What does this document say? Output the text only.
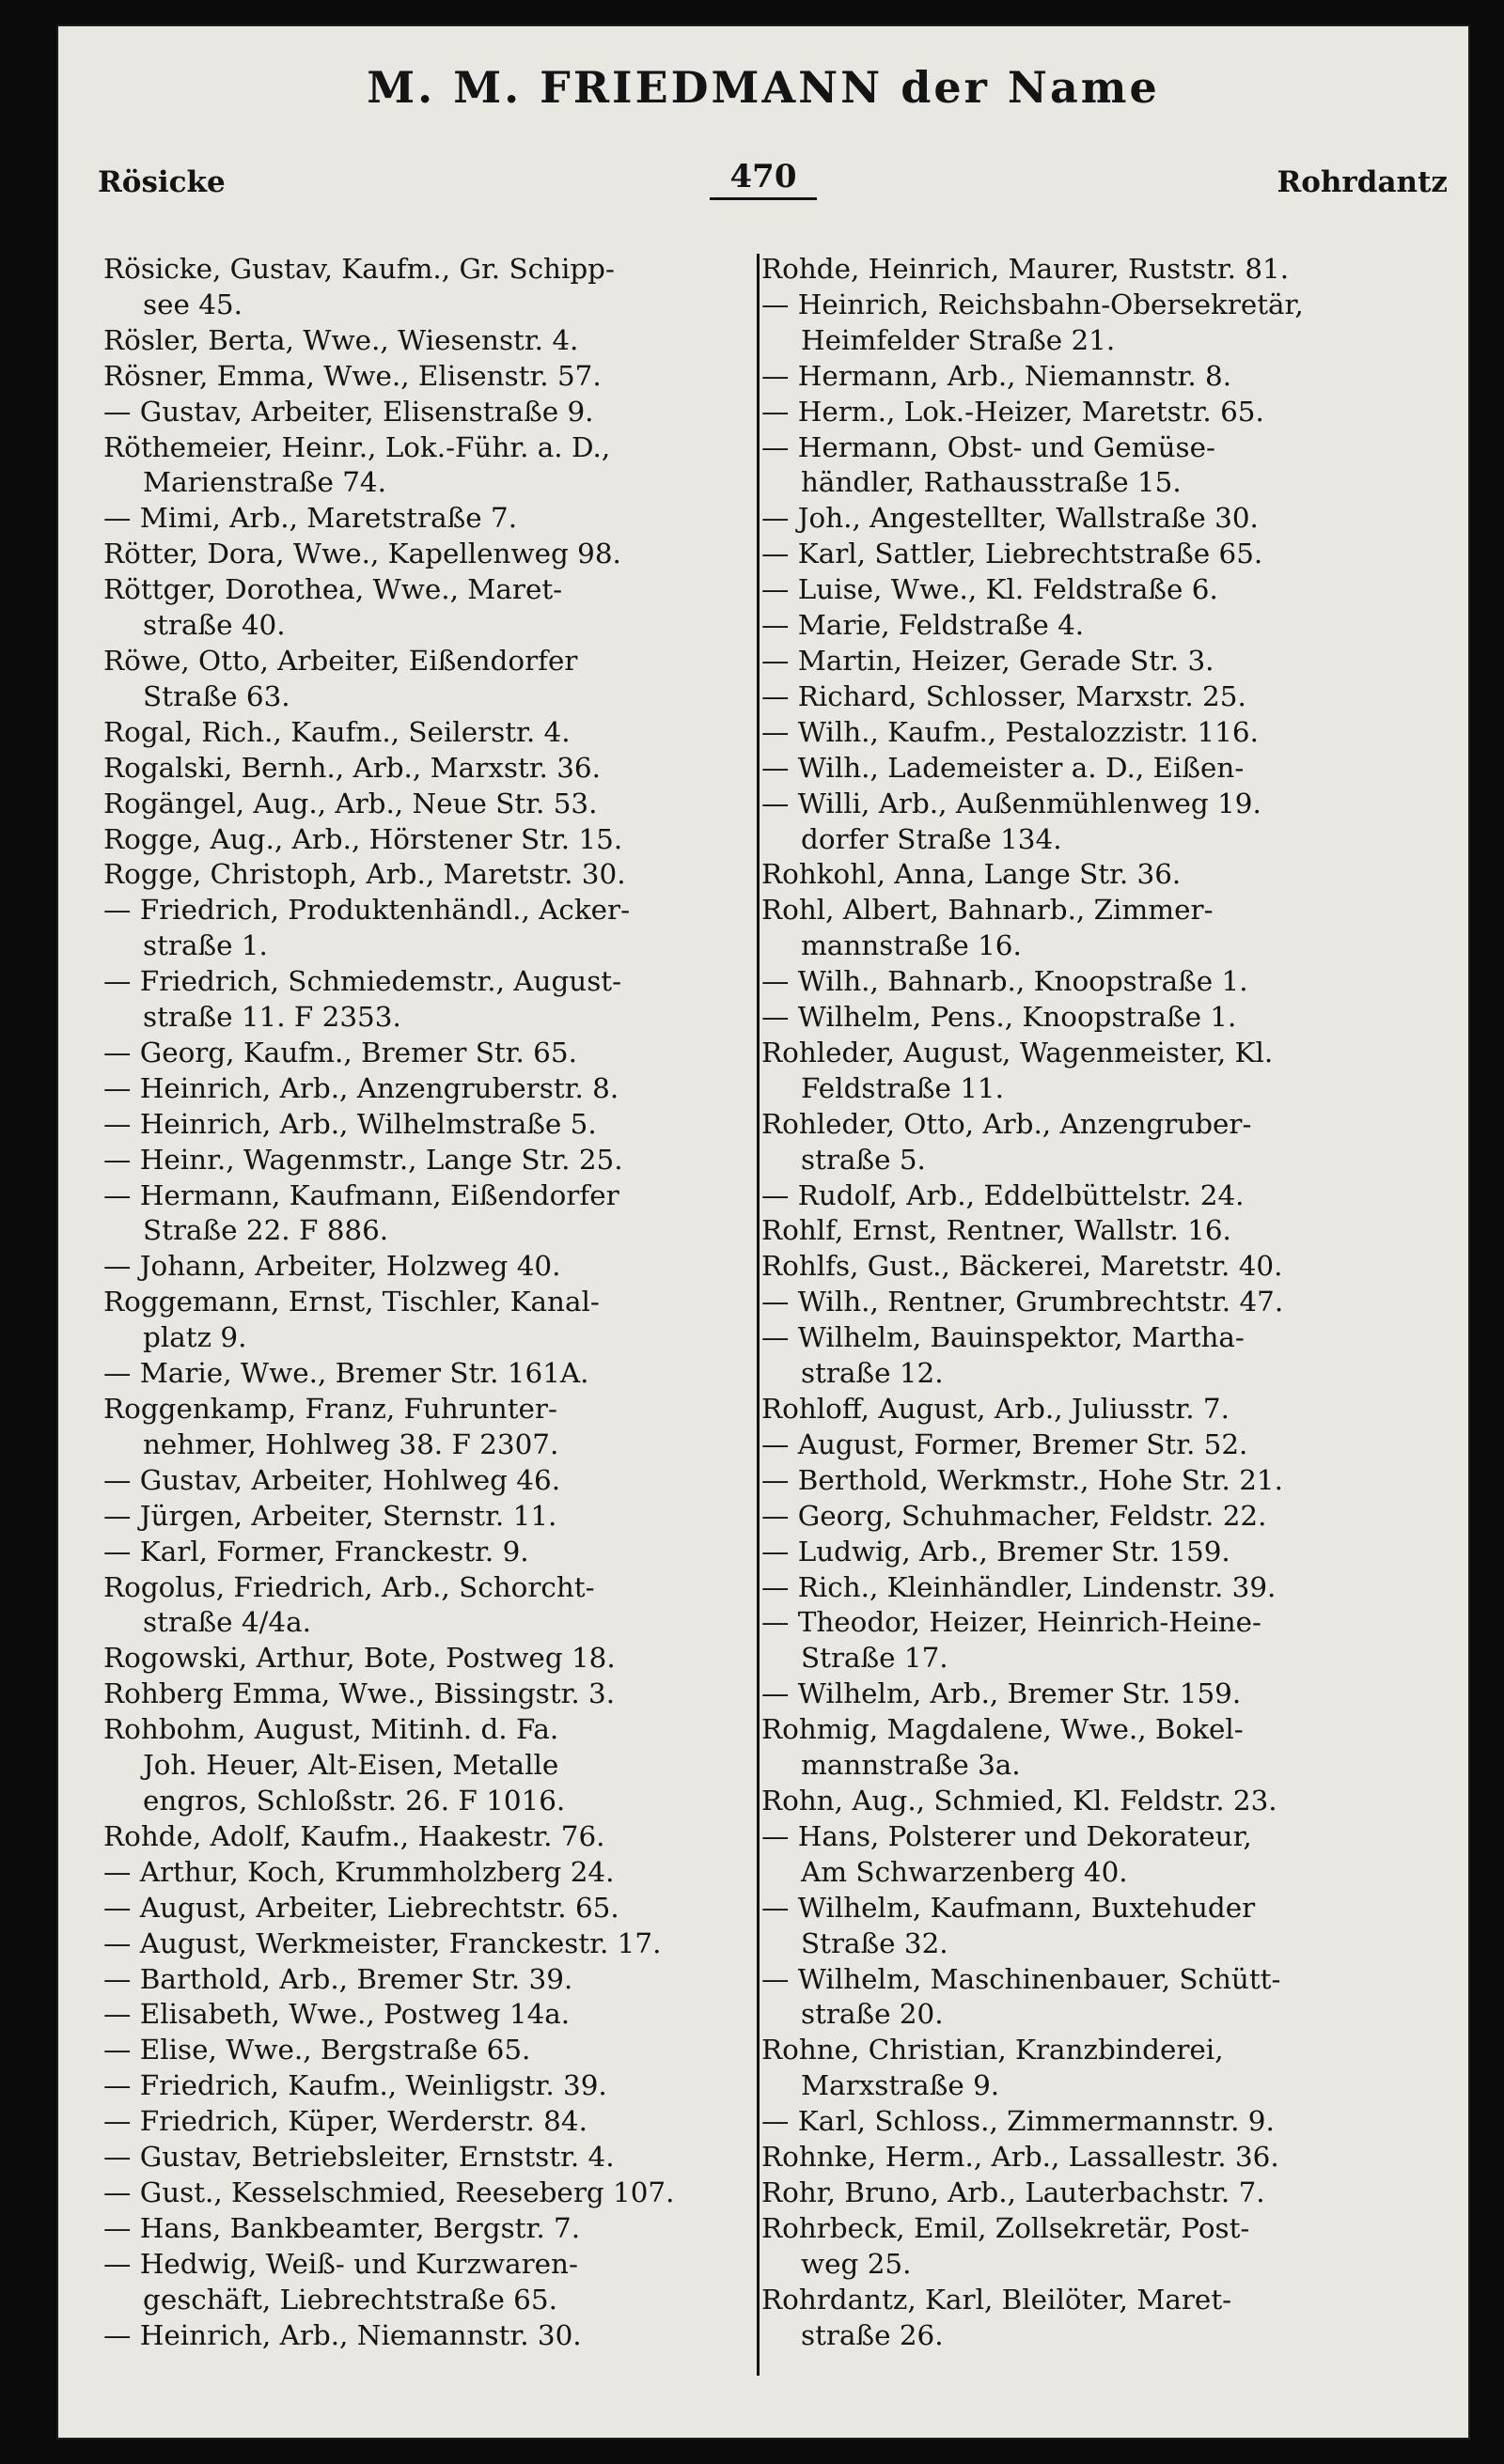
M. M. FRIEDMANN der Name
Rösicke	470	Rohrdantz
Rösicke, Gustav, Kaufm., Gr. Schipp-
see 45.
Rösler, Berta, Wwe., Wiesenstr. 4.
Rösner, Emma, Wwe., Elisenstr. 57.
— Gustav, Arbeiter, Elisenstraße 9.
Röthemeier, Heinr., Lok.-Führ. a. D.,
Marienstraße 74.
— Mimi, Arb., Maretstraße 7.
Rötter, Dora, Wwe., Kapellenweg 98.
Röttger, Dorothea, Wwe., Maret-
straße 40.
Röwe, Otto, Arbeiter, Eißendorfer
Straße 63.
Rogal, Rich., Kaufm., Seilerstr. 4.
Rogalski, Bernh., Arb., Marxstr. 36.
Rogängel, Aug., Arb., Neue Str. 53.
Rogge, Aug., Arb., Hörstener Str. 15.
Rogge, Christoph, Arb., Maretstr. 30.
— Friedrich, Produktenhändl., Acker-
straße 1.
— Friedrich, Schmiedemstr., August-
straße 11. F 2353.
— Georg, Kaufm., Bremer Str. 65.
— Heinrich, Arb., Anzengruberstr. 8.
— Heinrich, Arb., Wilhelmstraße 5.
— Heinr., Wagenmstr., Lange Str. 25.
— Hermann, Kaufmann, Eißendorfer
Straße 22. F 886.
— Johann, Arbeiter, Holzweg 40.
Roggemann, Ernst, Tischler, Kanal-
platz 9.
— Marie, Wwe., Bremer Str. 161A.
Roggenkamp, Franz, Fuhrunter-
nehmer, Hohlweg 38. F 2307.
— Gustav, Arbeiter, Hohlweg 46.
— Jürgen, Arbeiter, Sternstr. 11.
— Karl, Former, Franckestr. 9.
Rogolus, Friedrich, Arb., Schorcht-
straße 4/4a.
Rogowski, Arthur, Bote, Postweg 18.
Rohberg Emma, Wwe., Bissingstr. 3.
Rohbohm, August, Mitinh. d. Fa.
Joh. Heuer, Alt-Eisen, Metalle
engros, Schloßstr. 26. F 1016.
Rohde, Adolf, Kaufm., Haakestr. 76.
— Arthur, Koch, Krummholzberg 24.
— August, Arbeiter, Liebrechtstr. 65.
— August, Werkmeister, Franckestr. 17.
— Barthold, Arb., Bremer Str. 39.
— Elisabeth, Wwe., Postweg 14a.
— Elise, Wwe., Bergstraße 65.
— Friedrich, Kaufm., Weinligstr. 39.
— Friedrich, Küper, Werderstr. 84.
— Gustav, Betriebsleiter, Ernststr. 4.
— Gust., Kesselschmied, Reeseberg 107.
— Hans, Bankbeamter, Bergstr. 7.
— Hedwig, Weiß- und Kurzwaren-
geschäft, Liebrechtstraße 65.
— Heinrich, Arb., Niemannstr. 30.
Rohde, Heinrich, Maurer, Ruststr. 81.
— Heinrich, Reichsbahn-Obersekretär,
Heimfelder Straße 21.
— Hermann, Arb., Niemannstr. 8.
— Herm., Lok.-Heizer, Maretstr. 65.
— Hermann, Obst- und Gemüse-
händler, Rathausstraße 15.
— Joh., Angestellter, Wallstraße 30.
— Karl, Sattler, Liebrechtstraße 65.
— Luise, Wwe., Kl. Feldstraße 6.
— Marie, Feldstraße 4.
— Martin, Heizer, Gerade Str. 3.
— Richard, Schlosser, Marxstr. 25.
— Wilh., Kaufm., Pestalozzistr. 116.
— Wilh., Lademeister a. D., Eißen-
— Willi, Arb., Außenmühlenweg 19.
dorfer Straße 134.
Rohkohl, Anna, Lange Str. 36.
Rohl, Albert, Bahnarb., Zimmer-
mannstraße 16.
— Wilh., Bahnarb., Knoopstraße 1.
— Wilhelm, Pens., Knoopstraße 1.
Rohleder, August, Wagenmeister, Kl.
Feldstraße 11.
Rohleder, Otto, Arb., Anzengruber-
straße 5.
— Rudolf, Arb., Eddelbüttelstr. 24.
Rohlf, Ernst, Rentner, Wallstr. 16.
Rohlfs, Gust., Bäckerei, Maretstr. 40.
— Wilh., Rentner, Grumbrechtstr. 47.
— Wilhelm, Bauinspektor, Martha-
straße 12.
Rohloff, August, Arb., Juliusstr. 7.
— August, Former, Bremer Str. 52.
— Berthold, Werkmstr., Hohe Str. 21.
— Georg, Schuhmacher, Feldstr. 22.
— Ludwig, Arb., Bremer Str. 159.
— Rich., Kleinhändler, Lindenstr. 39.
— Theodor, Heizer, Heinrich-Heine-
Straße 17.
— Wilhelm, Arb., Bremer Str. 159.
Rohmig, Magdalene, Wwe., Bokel-
mannstraße 3a.
Rohn, Aug., Schmied, Kl. Feldstr. 23.
— Hans, Polsterer und Dekorateur,
Am Schwarzenberg 40.
— Wilhelm, Kaufmann, Buxtehuder
Straße 32.
— Wilhelm, Maschinenbauer, Schütt-
straße 20.
Rohne, Christian, Kranzbinderei,
Marxstraße 9.
— Karl, Schloss., Zimmermannstr. 9.
Rohnke, Herm., Arb., Lassallestr. 36.
Rohr, Bruno, Arb., Lauterbachstr. 7.
Rohrbeck, Emil, Zollsekretär, Post-
weg 25.
Rohrdantz, Karl, Bleilöter, Maret-
straße 26.
